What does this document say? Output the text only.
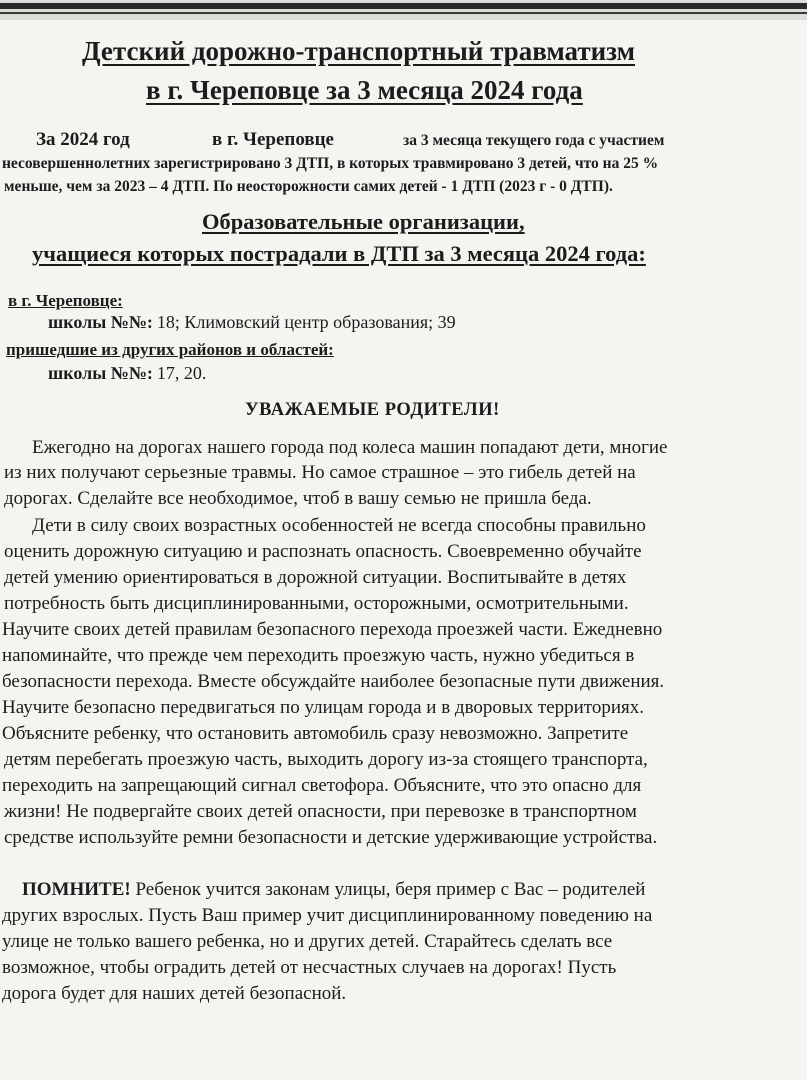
Детский дорожно-транспортный травматизм
в г. Череповце за 3 месяца 2024 года
За 2024 год	в г. Череповце	за 3 месяца текущего года с участием
несовершеннолетних зарегистрировано 3 ДТП, в которых травмировано 3 детей, что на 25 %
меньше, чем за 2023 – 4 ДТП. По неосторожности самих детей - 1 ДТП (2023 г - 0 ДТП).
Образовательные организации,
учащиеся которых пострадали в ДТП за 3 месяца 2024 года:
в г. Череповце:
школы №№: 18; Климовский центр образования; 39
пришедшие из других районов и областей:
школы №№: 17, 20.
УВАЖАЕМЫЕ РОДИТЕЛИ!
Ежегодно на дорогах нашего города под колеса машин попадают дети, многие
из них получают серьезные травмы. Но самое страшное – это гибель детей на
дорогах. Сделайте все необходимое, чтоб в вашу семью не пришла беда.
Дети в силу своих возрастных особенностей не всегда способны правильно
оценить дорожную ситуацию и распознать опасность. Своевременно обучайте
детей умению ориентироваться в дорожной ситуации. Воспитывайте в детях
потребность быть дисциплинированными, осторожными, осмотрительными.
Научите своих детей правилам безопасного перехода проезжей части. Ежедневно
напоминайте, что прежде чем переходить проезжую часть, нужно убедиться в
безопасности перехода. Вместе обсуждайте наиболее безопасные пути движения.
Научите безопасно передвигаться по улицам города и в дворовых территориях.
Объясните ребенку, что остановить автомобиль сразу невозможно. Запретите
детям перебегать проезжую часть, выходить дорогу из-за стоящего транспорта,
переходить на запрещающий сигнал светофора. Объясните, что это опасно для
жизни! Не подвергайте своих детей опасности, при перевозке в транспортном
средстве используйте ремни безопасности и детские удерживающие устройства.
ПОМНИТЕ! Ребенок учится законам улицы, беря пример с Вас – родителей
других взрослых. Пусть Ваш пример учит дисциплинированному поведению на
улице не только вашего ребенка, но и других детей. Старайтесь сделать все
возможное, чтобы оградить детей от несчастных случаев на дорогах! Пусть
дорога будет для наших детей безопасной.
